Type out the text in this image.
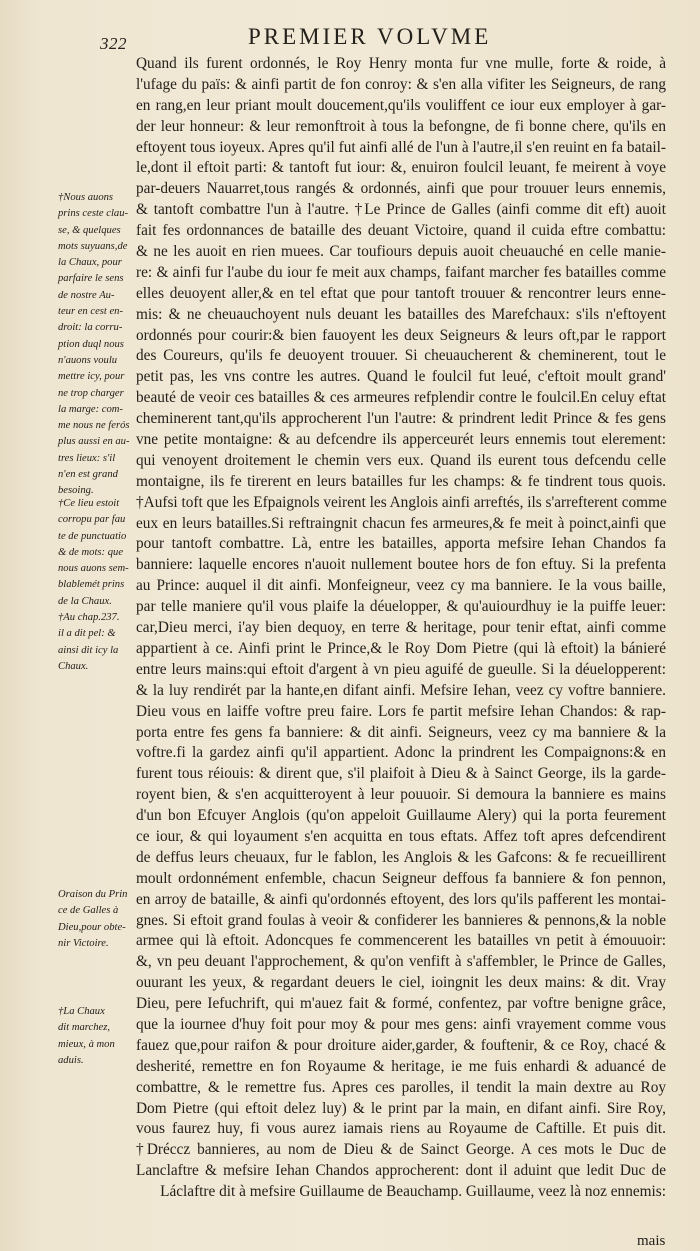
322	PREMIER VOLVME
Quand ils furent ordonnés, le Roy Henry monta fur vne mulle, forte & roide, à
l'ufage du païs: & ainfi partit de fon conroy: & s'en alla vifiter les Seigneurs, de rang
en rang,en leur priant moult doucement,qu'ils vouliffent ce iour eux employer à gar-
der leur honneur: & leur remonftroit à tous la befongne, de fi bonne chere, qu'ils en
eftoyent tous ioyeux. Apres qu'il fut ainfi allé de l'un à l'autre,il s'en reuint en fa batail-
le,dont il eftoit parti: & tantoft fut iour: &, enuiron foulcil leuant, fe meirent à voye
par-deuers Nauarret,tous rangés & ordonnés, ainfi que pour trouuer leurs ennemis,
& tantoft combattre l'un à l'autre. †Le Prince de Galles (ainfi comme dit eft) auoit
fait fes ordonnances de bataille des deuant Victoire, quand il cuida eftre combattu:
& ne les auoit en rien muees. Car toufiours depuis auoit cheuauché en celle manie-
re: & ainfi fur l'aube du iour fe meit aux champs, faifant marcher fes batailles comme
elles deuoyent aller,& en tel eftat que pour tantoft trouuer & rencontrer leurs enne-
mis: & ne cheuauchoyent nuls deuant les batailles des Marefchaux: s'ils n'eftoyent
ordonnés pour courir:& bien fauoyent les deux Seigneurs & leurs oft,par le rapport
des Coureurs, qu'ils fe deuoyent trouuer. Si cheuaucherent & cheminerent, tout le
petit pas, les vns contre les autres. Quand le foulcil fut leué, c'eftoit moult grand'
beauté de veoir ces batailles & ces armeures refplendir contre le foulcil.En celuy eftat
cheminerent tant,qu'ils approcherent l'un l'autre: & prindrent ledit Prince & fes gens
vne petite montaigne: & au defcendre ils apperceurét leurs ennemis tout elerement:
qui venoyent droitement le chemin vers eux. Quand ils eurent tous defcendu celle
montaigne, ils fe tirerent en leurs batailles fur les champs: & fe tindrent tous quois.
†Aufsi toft que les Efpaignols veirent les Anglois ainfi arreftés, ils s'arrefterent comme
eux en leurs batailles.Si reftraingnit chacun fes armeures,& fe meit à poinct,ainfi que
pour tantoft combattre. Là, entre les batailles, apporta mefsire Iehan Chandos fa
banniere: laquelle encores n'auoit nullement boutee hors de fon eftuy. Si la prefenta
au Prince: auquel il dit ainfi. Monfeigneur, veez cy ma banniere. Ie la vous baille,
par telle maniere qu'il vous plaife la déuelopper, & qu'auiourdhuy ie la puiffe leuer:
car,Dieu merci, i'ay bien dequoy, en terre & heritage, pour tenir eftat, ainfi comme
appartient à ce. Ainfi print le Prince,& le Roy Dom Pietre (qui là eftoit) la bánieré
entre leurs mains:qui eftoit d'argent à vn pieu aguifé de gueulle. Si la déuelopperent:
& la luy rendirét par la hante,en difant ainfi. Mefsire Iehan, veez cy voftre banniere.
Dieu vous en laiffe voftre preu faire. Lors fe partit mefsire Iehan Chandos: & rap-
porta entre fes gens fa banniere: & dit ainfi. Seigneurs, veez cy ma banniere & la
voftre.fi la gardez ainfi qu'il appartient. Adonc la prindrent les Compaignons:& en
furent tous réiouis: & dirent que, s'il plaifoit à Dieu & à Sainct George, ils la garde-
royent bien, & s'en acquitteroyent à leur pouuoir. Si demoura la banniere es mains
d'un bon Efcuyer Anglois (qu'on appeloit Guillaume Alery) qui la porta feurement
ce iour, & qui loyaument s'en acquitta en tous eftats. Affez toft apres defcendirent
de deffus leurs cheuaux, fur le fablon, les Anglois & les Gafcons: & fe recueillirent
moult ordonnément enfemble, chacun Seigneur deffous fa banniere & fon pennon,
en arroy de bataille, & ainfi qu'ordonnés eftoyent, des lors qu'ils pafferent les montai-
gnes. Si eftoit grand foulas à veoir & confiderer les bannieres & pennons,& la noble
armee qui là eftoit. Adoncques fe commencerent les batailles vn petit à émouuoir:
&, vn peu deuant l'approchement, & qu'on venfift à s'affembler, le Prince de Galles,
ouurant les yeux, & regardant deuers le ciel, ioingnit les deux mains: & dit. Vray
Dieu, pere Iefuchrift, qui m'auez fait & formé, confentez, par voftre benigne grâce,
que la iournee d'huy foit pour moy & pour mes gens: ainfi vrayement comme vous
fauez que,pour raifon & pour droiture aider,garder, & fouftenir, & ce Roy, chacé &
desherité, remettre en fon Royaume & heritage, ie me fuis enhardi & aduancé de
combattre, & le remettre fus. Apres ces parolles, il tendit la main dextre au Roy
Dom Pietre (qui eftoit delez luy) & le print par la main, en difant ainfi. Sire Roy,
vous faurez huy, fi vous aurez iamais riens au Royaume de Caftille. Et puis dit.
†Dréccz bannieres, au nom de Dieu & de Sainct George. A ces mots le Duc de
Lanclaftre & mefsire Iehan Chandos approcherent: dont il aduint que ledit Duc de
Láclaftre dit à mefsire Guillaume de Beauchamp. Guillaume, veez là noz ennemis:
†Nous auons
prins ceste clau-
se, & quelques
mots suyuans,de
la Chaux, pour
parfaire le sens
de nostre Au-
teur en cest en-
droit: la corru-
ption duql nous
n'auons voulu
mettre icy, pour
ne trop charger
la marge: com-
me nous ne ferós
plus aussi en au-
tres lieux: s'il
n'en est grand
besoing.
†Ce lieu estoit
corropu par fau
te de punctuatio
& de mots: que
nous auons sem-
blablemét prins
de la Chaux.
†Au chap.237.
il a dit pel: &
ainsi dit icy la
Chaux.
Oraison du Prin
ce de Galles à
Dieu,pour obte-
nir Victoire.
†La Chaux
dit marchez,
mieux, à mon
aduis.
mais
